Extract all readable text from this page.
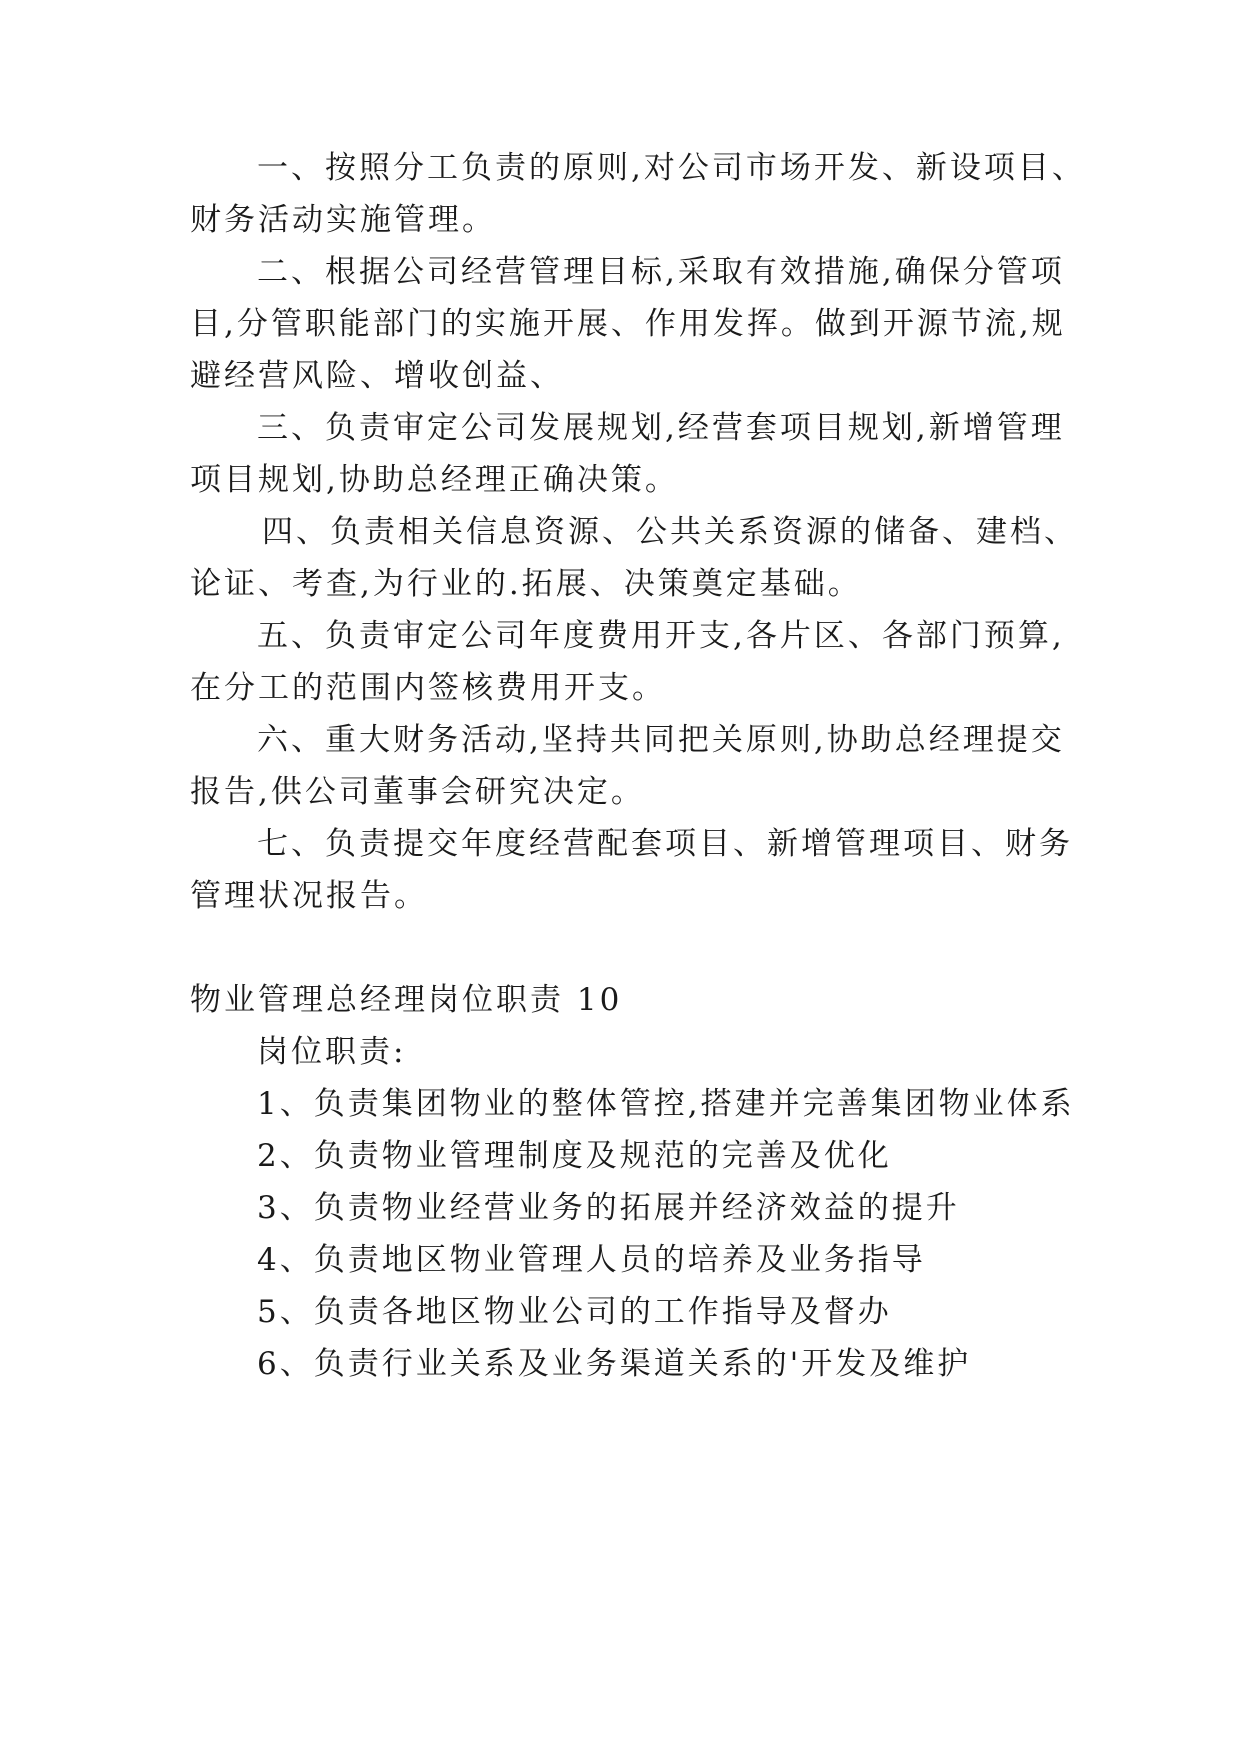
一、按照分工负责的原则,对公司市场开发、新设项目、
财务活动实施管理。
二、根据公司经营管理目标,采取有效措施,确保分管项
目,分管职能部门的实施开展、作用发挥。做到开源节流,规
避经营风险、增收创益、
三、负责审定公司发展规划,经营套项目规划,新增管理
项目规划,协助总经理正确决策。
四、负责相关信息资源、公共关系资源的储备、建档、
论证、考查,为行业的.拓展、决策奠定基础。
五、负责审定公司年度费用开支,各片区、各部门预算,
在分工的范围内签核费用开支。
六、重大财务活动,坚持共同把关原则,协助总经理提交
报告,供公司董事会研究决定。
七、负责提交年度经营配套项目、新增管理项目、财务
管理状况报告。
物业管理总经理岗位职责 10
岗位职责:
1、负责集团物业的整体管控,搭建并完善集团物业体系
2、负责物业管理制度及规范的完善及优化
3、负责物业经营业务的拓展并经济效益的提升
4、负责地区物业管理人员的培养及业务指导
5、负责各地区物业公司的工作指导及督办
6、负责行业关系及业务渠道关系的'开发及维护
